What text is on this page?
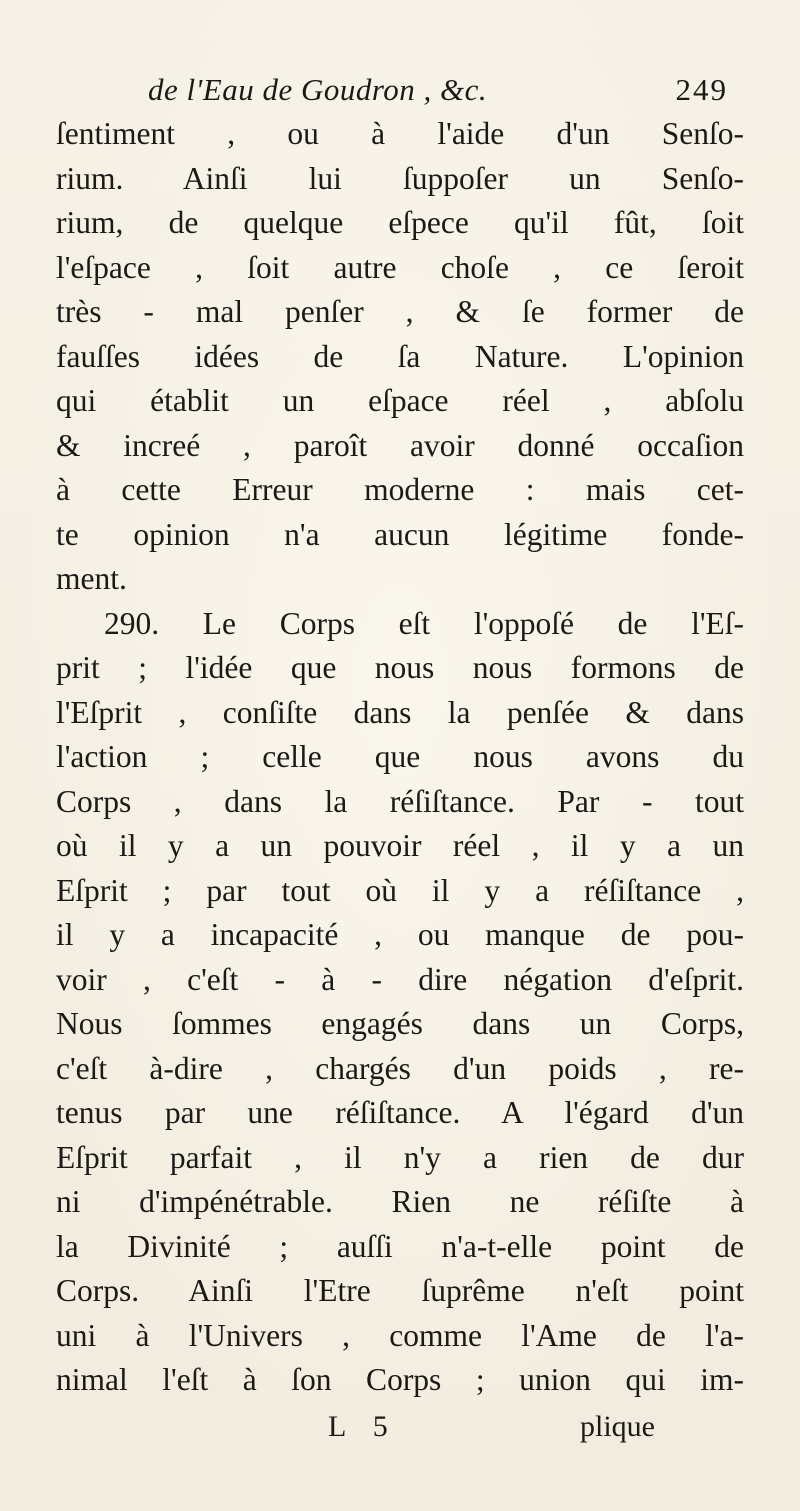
de l'Eau de Goudron , &c.	249
ſentiment , ou à l'aide d'un Senſo-
rium. Ainſi lui ſuppoſer un Senſo-
rium, de quelque eſpece qu'il fût, ſoit
l'eſpace , ſoit autre choſe , ce ſeroit
très - mal penſer , & ſe former de
fauſſes idées de ſa Nature. L'opinion
qui établit un eſpace réel , abſolu
& increé , paroît avoir donné occaſion
à cette Erreur moderne : mais cet-
te opinion n'a aucun légitime fonde-
ment.
290. Le Corps eſt l'oppoſé de l'Eſ-
prit ; l'idée que nous nous formons de
l'Eſprit , conſiſte dans la penſée & dans
l'action ; celle que nous avons du
Corps , dans la réſiſtance. Par - tout
où il y a un pouvoir réel , il y a un
Eſprit ; par tout où il y a réſiſtance ,
il y a incapacité , ou manque de pou-
voir , c'eſt - à - dire négation d'eſprit.
Nous ſommes engagés dans un Corps,
c'eſt à-dire , chargés d'un poids , re-
tenus par une réſiſtance. A l'égard d'un
Eſprit parfait , il n'y a rien de dur
ni d'impénétrable. Rien ne réſiſte à
la Divinité ; auſſi n'a-t-elle point de
Corps. Ainſi l'Etre ſuprême n'eſt point
uni à l'Univers , comme l'Ame de l'a-
nimal l'eſt à ſon Corps ; union qui im-
L 5	plique
